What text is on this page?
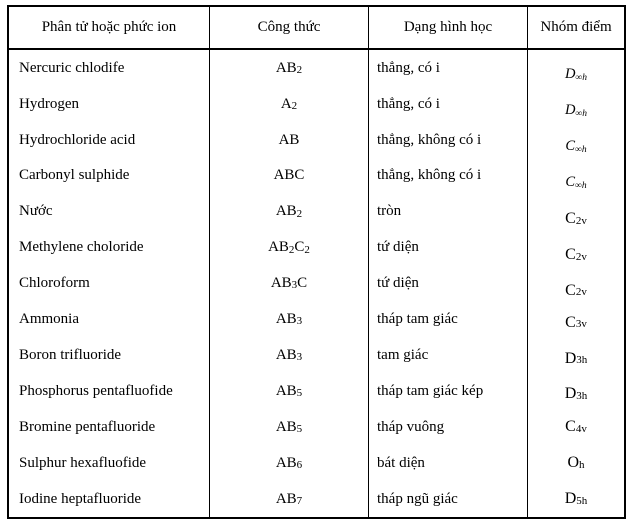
Phân tử hoặc phức ion	Công thức	Dạng hình học	Nhóm điểm
Nercuric chlodife	$AB_2$	thẳng, có i	$D_{\infty h}$
Hydrogen	$A_2$	thẳng, có i	$D_{\infty h}$
Hydrochloride acid	AB	thẳng, không có i	$C_{\infty h}$
Carbonyl sulphide	ABC	thẳng, không có i	$C_{\infty h}$
Nước	$AB_2$	tròn	$C_{2v}$
Methylene choloride	$AB_2$ $C_2$	tứ diện	$C_{2v}$
Chloroform	$AB_3$ C	tứ diện	$C_{2v}$
Ammonia	$AB_3$	tháp tam giác	$C_{3v}$
Boron trifluoride	$AB_3$	tam giác	$D_{3h}$
Phosphorus pentafluofide	$AB_5$	tháp tam giác kép	$D_{3h}$
Bromine pentafluoride	$AB_5$	tháp vuông	$C_{4v}$
Sulphur hexafluofide	$AB_6$	bát diện	$O_h$
Iodine heptafluoride	$AB_7$	tháp ngũ giác	$D_{5h}$
